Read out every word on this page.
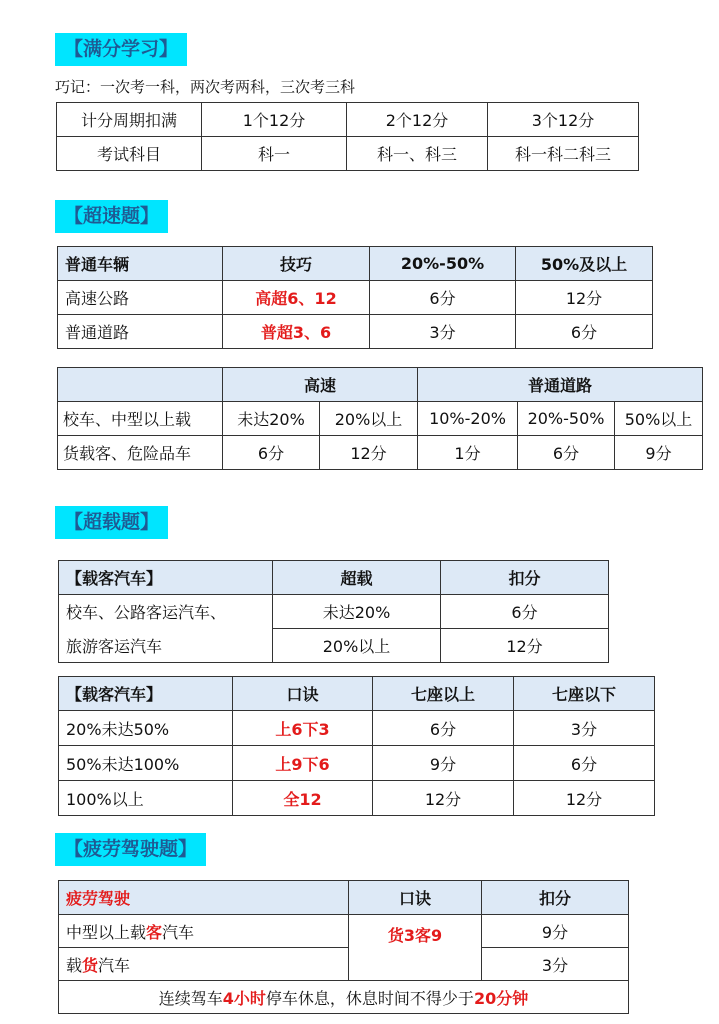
【满分学习】
巧记：一次考一科，两次考两科，三次考三科
计分周期扣满	1个12分	2个12分	3个12分
考试科目	科一	科一、科三	科一科二科三
【超速题】
普通车辆	技巧	20%-50%	50%及以上
高速公路	高超6、12	6分	12分
普通道路	普超3、6	3分	6分
	高速		普通道路		
校车、中型以上载	未达20%	20%以上	10%-20%	20%-50%	50%以上
货载客、危险品车	6分	12分	1分	6分	9分
【超载题】
【载客汽车】	超载	扣分
校车、公路客运汽车、	未达20%	6分
旅游客运汽车	20%以上	12分
【载客汽车】	口诀	七座以上	七座以下
20%未达50%	上6下3	6分	3分
50%未达100%	上9下6	9分	6分
100%以上	全12	12分	12分
【疲劳驾驶题】
疲劳驾驶	口诀	扣分
中型以上载客汽车	货3客9	9分
载货汽车		3分
连续驾车4小时停车休息，休息时间不得少于20分钟		
